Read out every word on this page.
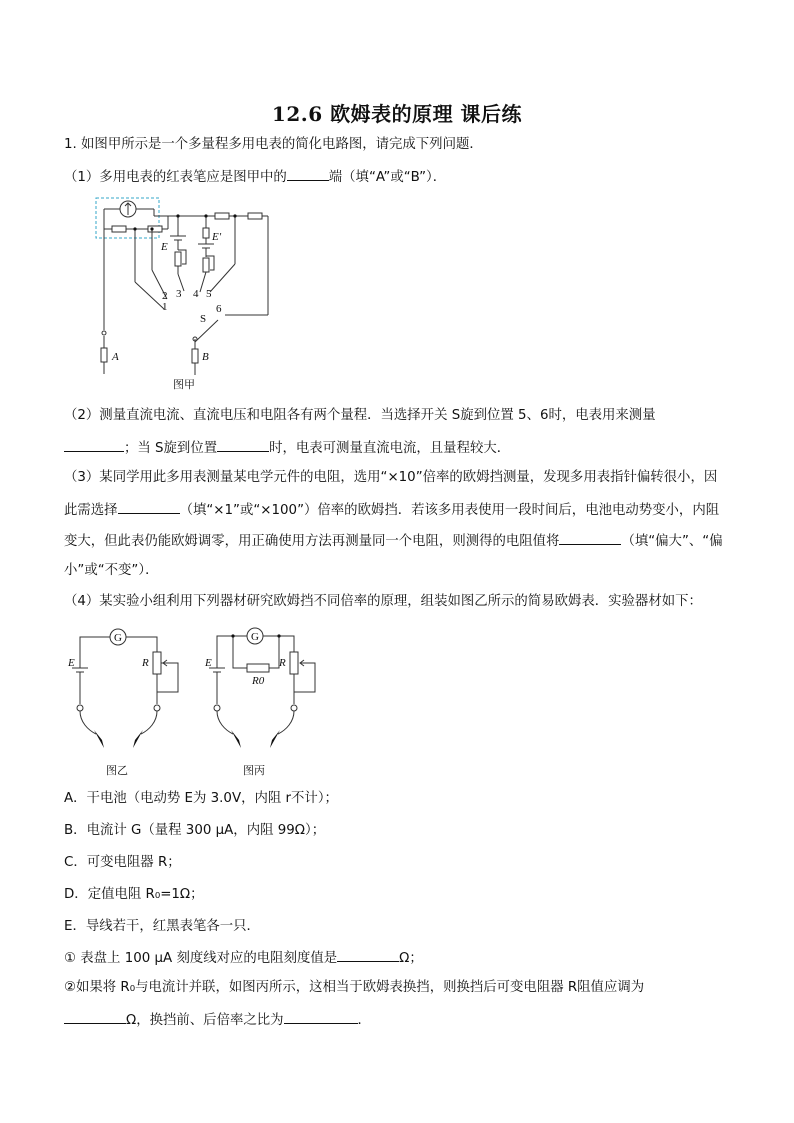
12.6 欧姆表的原理 课后练
1. 如图甲所示是一个多量程多用电表的简化电路图，请完成下列问题．
（1）多用电表的红表笔应是图甲中的	端（填“A”或“B”）．
E
E′
1
2 3 4 5
6
S
A	B
图甲
（2）测量直流电流、直流电压和电阻各有两个量程．当选择开关 S旋到位置 5、6时，电表用来测量
；当 S旋到位置	时，电表可测量直流电流，且量程较大．
（3）某同学用此多用表测量某电学元件的电阻，选用“×10”倍率的欧姆挡测量，发现多用表指针偏转很小，因
此需选择	（填“×1”或“×100”）倍率的欧姆挡．若该多用表使用一段时间后，电池电动势变小，内阻
变大，但此表仍能欧姆调零，用正确使用方法再测量同一个电阻，则测得的电阻值将	（填“偏大”、“偏
小”或“不变”）．
（4）某实验小组利用下列器材研究欧姆挡不同倍率的原理，组装如图乙所示的简易欧姆表．实验器材如下：
G
E	R
图乙
G
E	R
R0
图丙
A．干电池（电动势 E为 3.0V，内阻 r不计）；
B．电流计 G（量程 300 μA，内阻 99Ω）；
C．可变电阻器 R；
D．定值电阻 R₀=1Ω；
E．导线若干，红黑表笔各一只．
① 表盘上 100 μA 刻度线对应的电阻刻度值是	Ω；
②如果将 R₀与电流计并联，如图丙所示，这相当于欧姆表换挡，则换挡后可变电阻器 R阻值应调为
Ω，换挡前、后倍率之比为	．
